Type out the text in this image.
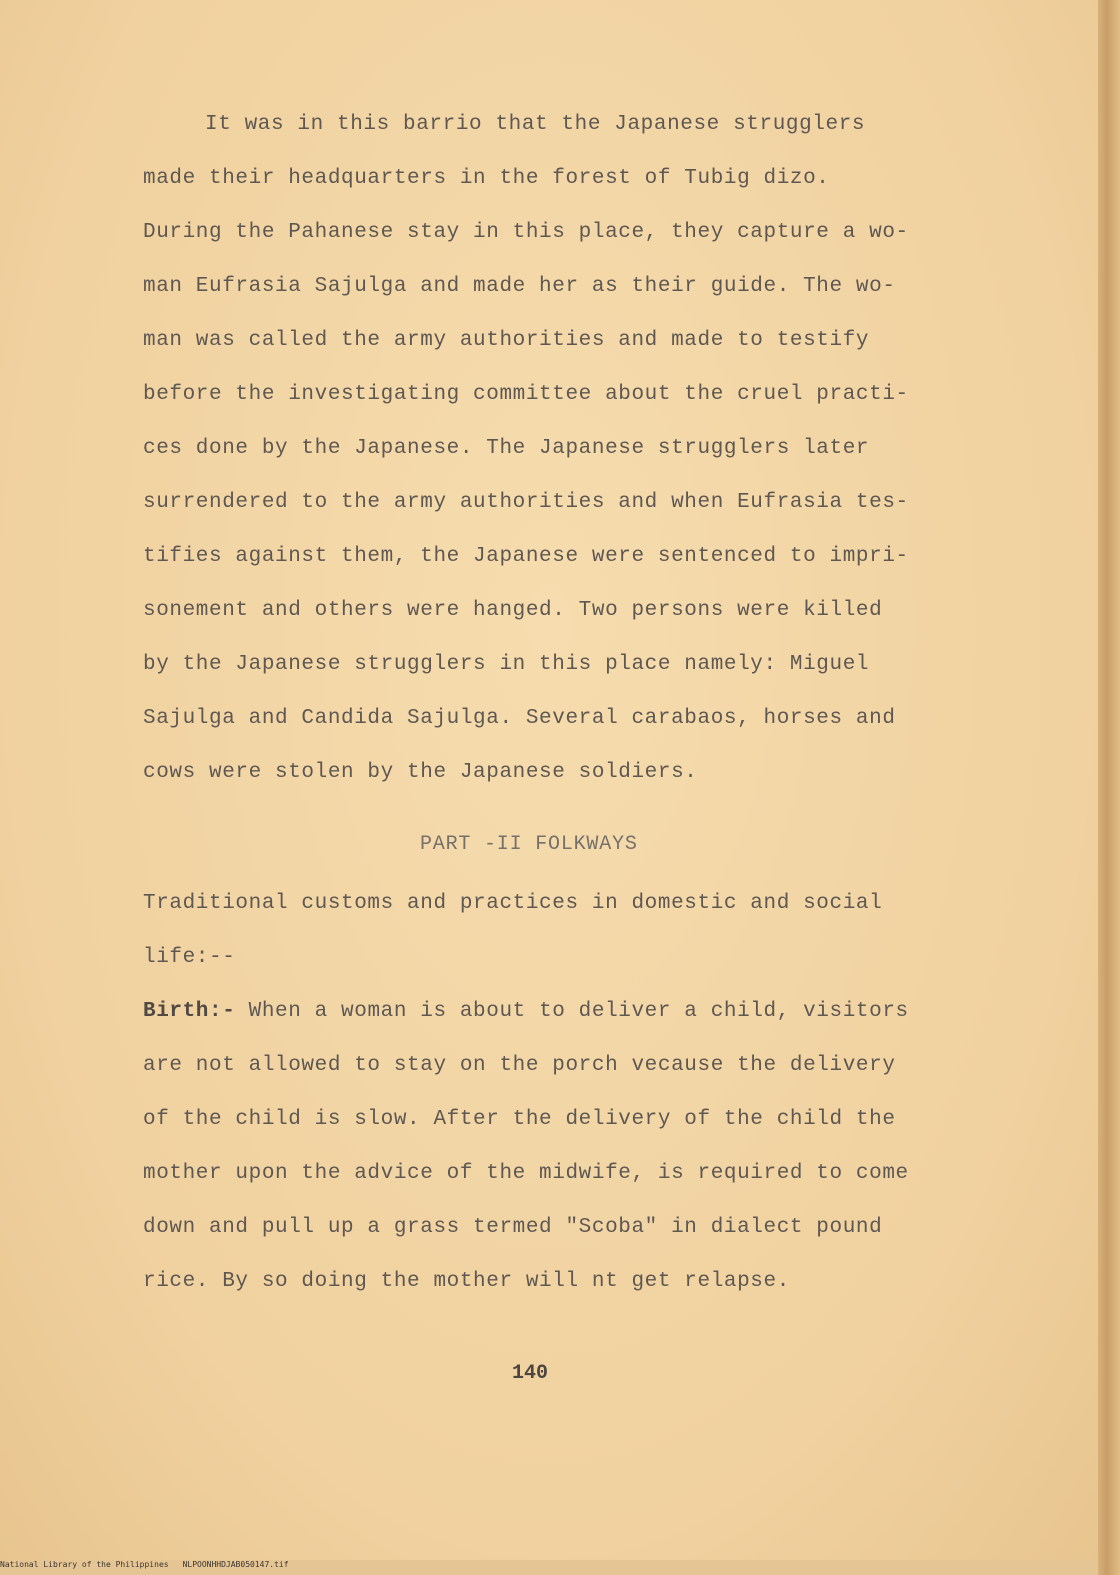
It was in this barrio that the Japanese strugglers
made their headquarters in the forest of Tubig dizo.
During the Pahanese stay in this place, they capture a wo-
man Eufrasia Sajulga and made her as their guide. The wo-
man was called the army authorities and made to testify
before the investigating committee about the cruel practi-
ces done by the Japanese. The Japanese strugglers later
surrendered to the army authorities and when Eufrasia tes-
tifies against them, the Japanese were sentenced to impri-
sonement and others were hanged. Two persons were killed
by the Japanese strugglers in this place namely: Miguel
Sajulga and Candida Sajulga. Several carabaos, horses and
cows were stolen by the Japanese soldiers.
PART -II FOLKWAYS
Traditional customs and practices in domestic and social
life:--
Birth:- When a woman is about to deliver a child, visitors
are not allowed to stay on the porch vecause the delivery
of the child is slow. After the delivery of the child the
mother upon the advice of the midwife, is required to come
down and pull up a grass termed "Scoba" in dialect pound
rice. By so doing the mother will nt get relapse.
140
National Library of the Philippines NLPOONHHDJAB050147.tif
